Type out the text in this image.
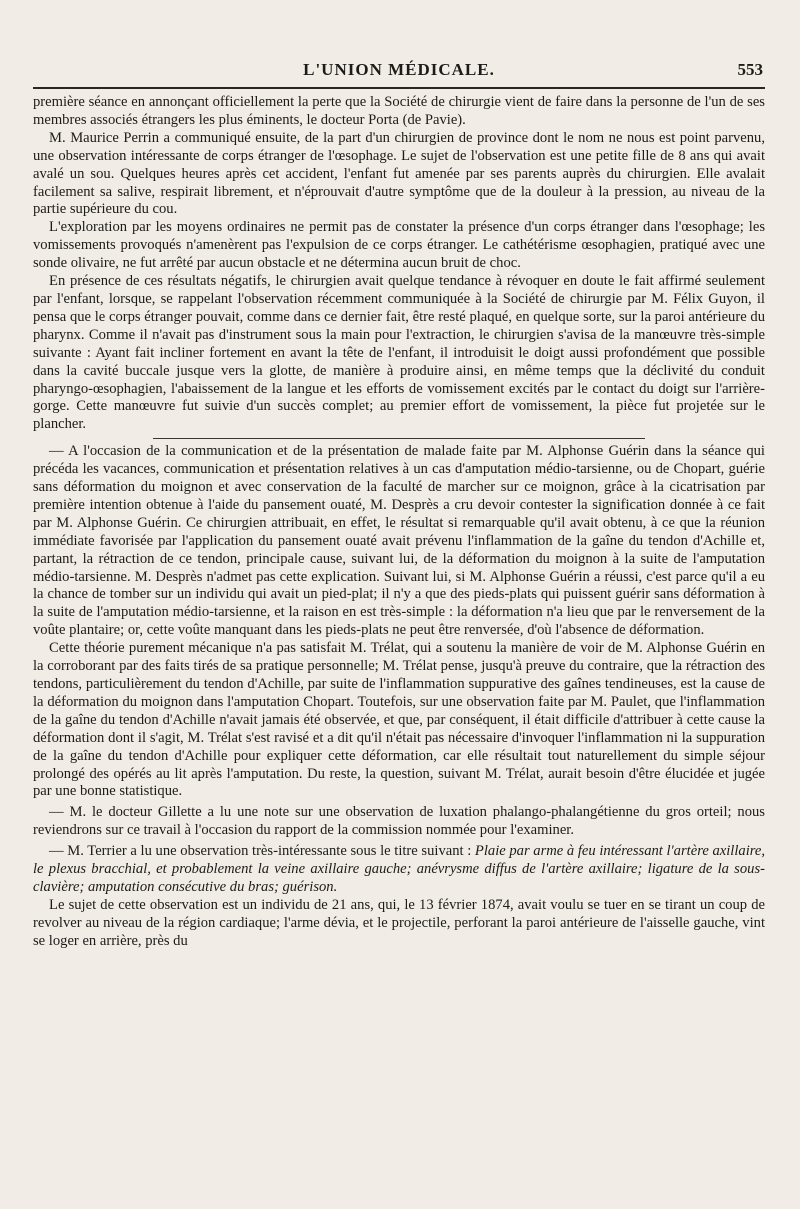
L'UNION MÉDICALE.	553

première séance en annonçant officiellement la perte que la Société de chirurgie vient de faire dans la personne de l'un de ses membres associés étrangers les plus éminents, le docteur Porta (de Pavie).

M. Maurice Perrin a communiqué ensuite, de la part d'un chirurgien de province dont le nom ne nous est point parvenu, une observation intéressante de corps étranger de l'œsophage. Le sujet de l'observation est une petite fille de 8 ans qui avait avalé un sou. Quelques heures après cet accident, l'enfant fut amenée par ses parents auprès du chirurgien. Elle avalait facilement sa salive, respirait librement, et n'éprouvait d'autre symptôme que de la douleur à la pression, au niveau de la partie supérieure du cou.

L'exploration par les moyens ordinaires ne permit pas de constater la présence d'un corps étranger dans l'œsophage; les vomissements provoqués n'amenèrent pas l'expulsion de ce corps étranger. Le cathétérisme œsophagien, pratiqué avec une sonde olivaire, ne fut arrêté par aucun obstacle et ne détermina aucun bruit de choc.

En présence de ces résultats négatifs, le chirurgien avait quelque tendance à révoquer en doute le fait affirmé seulement par l'enfant, lorsque, se rappelant l'observation récemment communiquée à la Société de chirurgie par M. Félix Guyon, il pensa que le corps étranger pouvait, comme dans ce dernier fait, être resté plaqué, en quelque sorte, sur la paroi antérieure du pharynx. Comme il n'avait pas d'instrument sous la main pour l'extraction, le chirurgien s'avisa de la manœuvre très-simple suivante : Ayant fait incliner fortement en avant la tête de l'enfant, il introduisit le doigt aussi profondément que possible dans la cavité buccale jusque vers la glotte, de manière à produire ainsi, en même temps que la déclivité du conduit pharyngo-œsophagien, l'abaissement de la langue et les efforts de vomissement excités par le contact du doigt sur l'arrière-gorge. Cette manœuvre fut suivie d'un succès complet; au premier effort de vomissement, la pièce fut projetée sur le plancher.

— A l'occasion de la communication et de la présentation de malade faite par M. Alphonse Guérin dans la séance qui précéda les vacances, communication et présentation relatives à un cas d'amputation médio-tarsienne, ou de Chopart, guérie sans déformation du moignon et avec conservation de la faculté de marcher sur ce moignon, grâce à la cicatrisation par première intention obtenue à l'aide du pansement ouaté, M. Desprès a cru devoir contester la signification donnée à ce fait par M. Alphonse Guérin. Ce chirurgien attribuait, en effet, le résultat si remarquable qu'il avait obtenu, à ce que la réunion immédiate favorisée par l'application du pansement ouaté avait prévenu l'inflammation de la gaîne du tendon d'Achille et, partant, la rétraction de ce tendon, principale cause, suivant lui, de la déformation du moignon à la suite de l'amputation médio-tarsienne. M. Desprès n'admet pas cette explication. Suivant lui, si M. Alphonse Guérin a réussi, c'est parce qu'il a eu la chance de tomber sur un individu qui avait un pied-plat; il n'y a que des pieds-plats qui puissent guérir sans déformation à la suite de l'amputation médio-tarsienne, et la raison en est très-simple : la déformation n'a lieu que par le renversement de la voûte plantaire; or, cette voûte manquant dans les pieds-plats ne peut être renversée, d'où l'absence de déformation.

Cette théorie purement mécanique n'a pas satisfait M. Trélat, qui a soutenu la manière de voir de M. Alphonse Guérin en la corroborant par des faits tirés de sa pratique personnelle; M. Trélat pense, jusqu'à preuve du contraire, que la rétraction des tendons, particulièrement du tendon d'Achille, par suite de l'inflammation suppurative des gaînes tendineuses, est la cause de la déformation du moignon dans l'amputation Chopart. Toutefois, sur une observation faite par M. Paulet, que l'inflammation de la gaîne du tendon d'Achille n'avait jamais été observée, et que, par conséquent, il était difficile d'attribuer à cette cause la déformation dont il s'agit, M. Trélat s'est ravisé et a dit qu'il n'était pas nécessaire d'invoquer l'inflammation ni la suppuration de la gaîne du tendon d'Achille pour expliquer cette déformation, car elle résultait tout naturellement du simple séjour prolongé des opérés au lit après l'amputation. Du reste, la question, suivant M. Trélat, aurait besoin d'être élucidée et jugée par une bonne statistique.

— M. le docteur Gillette a lu une note sur une observation de luxation phalango-phalangétienne du gros orteil; nous reviendrons sur ce travail à l'occasion du rapport de la commission nommée pour l'examiner.

— M. Terrier a lu une observation très-intéressante sous le titre suivant : Plaie par arme à feu intéressant l'artère axillaire, le plexus bracchial, et probablement la veine axillaire gauche; anévrysme diffus de l'artère axillaire; ligature de la sous-clavière; amputation consécutive du bras; guérison.

Le sujet de cette observation est un individu de 21 ans, qui, le 13 février 1874, avait voulu se tuer en se tirant un coup de revolver au niveau de la région cardiaque; l'arme dévia, et le projectile, perforant la paroi antérieure de l'aisselle gauche, vint se loger en arrière, près du
